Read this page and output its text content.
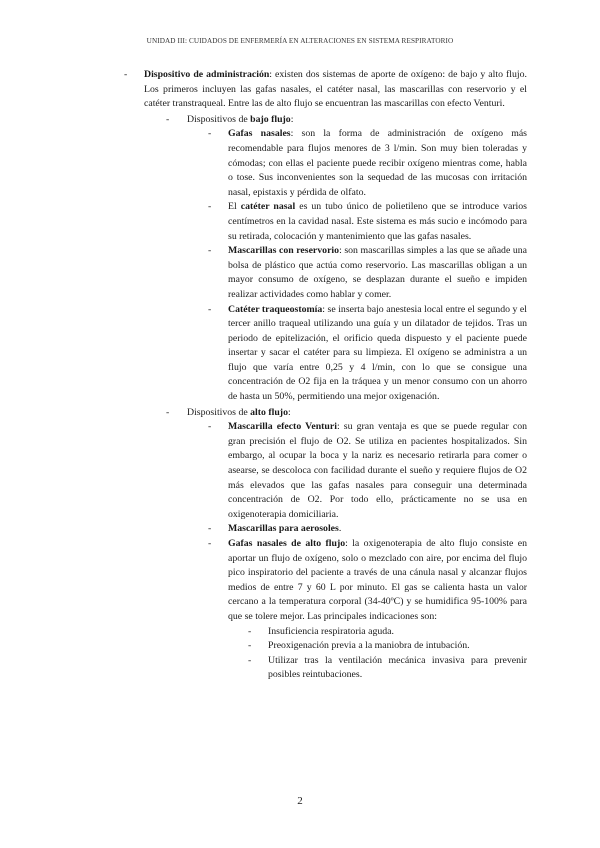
UNIDAD III: CUIDADOS DE ENFERMERÍA EN ALTERACIONES EN SISTEMA RESPIRATORIO
- Dispositivo de administración: existen dos sistemas de aporte de oxígeno: de bajo y alto flujo. Los primeros incluyen las gafas nasales, el catéter nasal, las mascarillas con reservorio y el catéter transtraqueal. Entre las de alto flujo se encuentran las mascarillas con efecto Venturi.
- Dispositivos de bajo flujo:
- Gafas nasales: son la forma de administración de oxígeno más recomendable para flujos menores de 3 l/min. Son muy bien toleradas y cómodas; con ellas el paciente puede recibir oxígeno mientras come, habla o tose. Sus inconvenientes son la sequedad de las mucosas con irritación nasal, epistaxis y pérdida de olfato.
- El catéter nasal es un tubo único de polietileno que se introduce varios centímetros en la cavidad nasal. Este sistema es más sucio e incómodo para su retirada, colocación y mantenimiento que las gafas nasales.
- Mascarillas con reservorio: son mascarillas simples a las que se añade una bolsa de plástico que actúa como reservorio. Las mascarillas obligan a un mayor consumo de oxígeno, se desplazan durante el sueño e impiden realizar actividades como hablar y comer.
- Catéter traqueostomía: se inserta bajo anestesia local entre el segundo y el tercer anillo traqueal utilizando una guía y un dilatador de tejidos. Tras un periodo de epitelización, el orificio queda dispuesto y el paciente puede insertar y sacar el catéter para su limpieza. El oxígeno se administra a un flujo que varía entre 0,25 y 4 l/min, con lo que se consigue una concentración de O2 fija en la tráquea y un menor consumo con un ahorro de hasta un 50%, permitiendo una mejor oxigenación.
- Dispositivos de alto flujo:
- Mascarilla efecto Venturi: su gran ventaja es que se puede regular con gran precisión el flujo de O2. Se utiliza en pacientes hospitalizados. Sin embargo, al ocupar la boca y la nariz es necesario retirarla para comer o asearse, se descoloca con facilidad durante el sueño y requiere flujos de O2 más elevados que las gafas nasales para conseguir una determinada concentración de O2. Por todo ello, prácticamente no se usa en oxigenoterapia domiciliaria.
- Mascarillas para aerosoles.
- Gafas nasales de alto flujo: la oxigenoterapia de alto flujo consiste en aportar un flujo de oxígeno, solo o mezclado con aire, por encima del flujo pico inspiratorio del paciente a través de una cánula nasal y alcanzar flujos medios de entre 7 y 60 L por minuto. El gas se calienta hasta un valor cercano a la temperatura corporal (34-40ºC) y se humidifica 95-100% para que se tolere mejor. Las principales indicaciones son:
- Insuficiencia respiratoria aguda.
- Preoxigenación previa a la maniobra de intubación.
- Utilizar tras la ventilación mecánica invasiva para prevenir posibles reintubaciones.
2
